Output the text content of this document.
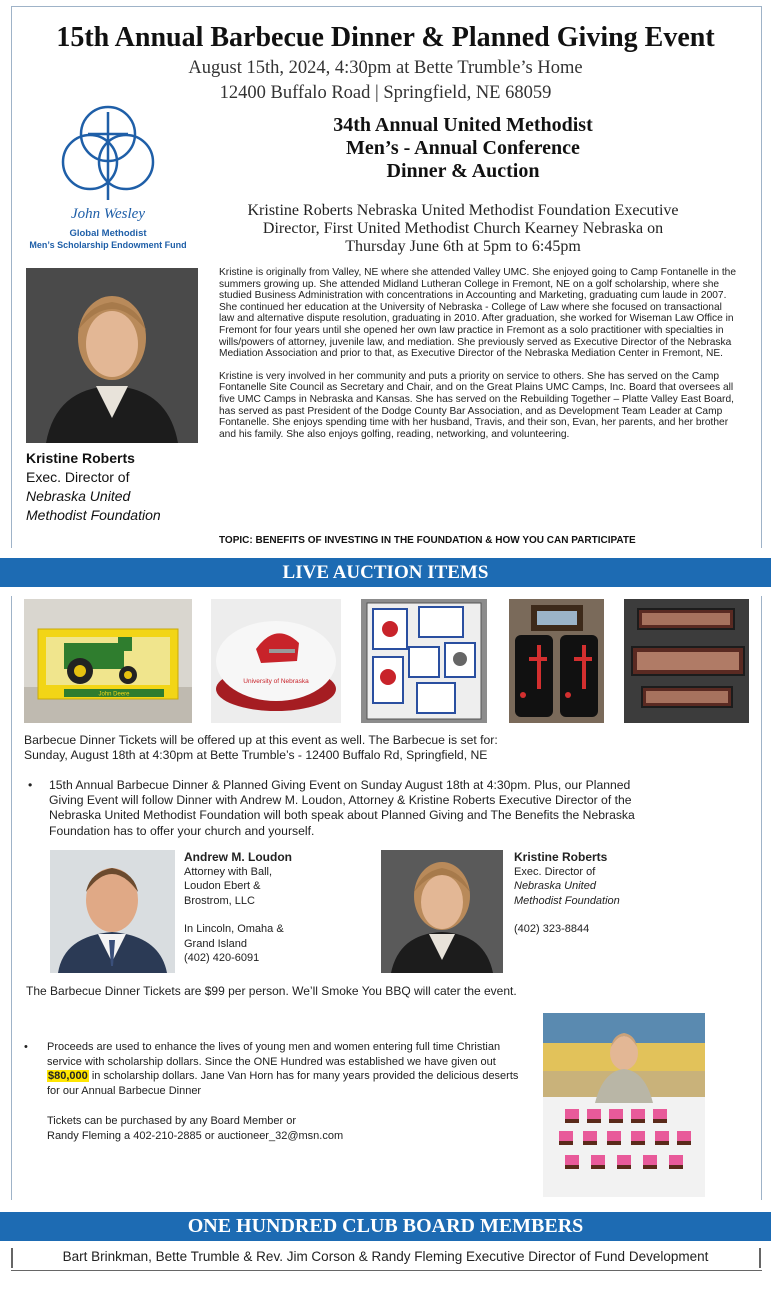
15th Annual Barbecue Dinner & Planned Giving Event
August 15th, 2024, 4:30pm at Bette Trumble’s Home
12400 Buffalo Road | Springfield, NE 68059
John Wesley
Global Methodist
Men’s Scholarship Endowment Fund
34th Annual United Methodist
Men’s - Annual Conference
Dinner & Auction
Kristine Roberts Nebraska United Methodist Foundation Executive
Director, First United Methodist Church Kearney Nebraska on
Thursday June 6th at 5pm to 6:45pm
Kristine Roberts
Exec. Director of
Nebraska United
Methodist Foundation

Kristine is originally from Valley, NE where she attended Valley UMC. She enjoyed going to Camp Fontanelle in the summers growing up. She attended Midland Lutheran College in Fremont, NE on a golf scholarship, where she studied Business Administration with concentrations in Accounting and Marketing, graduating cum laude in 2007. She continued her education at the University of Nebraska - College of Law where she focused on transactional law and alternative dispute resolution, graduating in 2010. After graduation, she worked for Wiseman Law Office in Fremont for four years until she opened her own law practice in Fremont as a solo practitioner with specialties in wills/powers of attorney, juvenile law, and mediation. She previously served as Executive Director of the Nebraska Mediation Association and prior to that, as Executive Director of the Nebraska Mediation Center in Fremont, NE.

Kristine is very involved in her community and puts a priority on service to others. She has served on the Camp Fontanelle Site Council as Secretary and Chair, and on the Great Plains UMC Camps, Inc. Board that oversees all five UMC Camps in Nebraska and Kansas. She has served on the Rebuilding Together – Platte Valley East Board, has served as past President of the Dodge County Bar Association, and as Development Team Leader at Camp Fontanelle. She enjoys spending time with her husband, Travis, and their son, Evan, her parents, and her brother and his family. She also enjoys golfing, reading, networking, and volunteering.

TOPIC: BENEFITS OF INVESTING IN THE FOUNDATION & HOW YOU CAN PARTICIPATE
LIVE AUCTION ITEMS
John Deere
University of Nebraska
Barbecue Dinner Tickets will be offered up at this event as well. The Barbecue is set for:
Sunday, August 18th at 4:30pm at Bette Trumble’s - 12400 Buffalo Rd, Springfield, NE
• 15th Annual Barbecue Dinner & Planned Giving Event on Sunday August 18th at 4:30pm. Plus, our Planned Giving Event will follow Dinner with Andrew M. Loudon, Attorney & Kristine Roberts Executive Director of the Nebraska United Methodist Foundation will both speak about Planned Giving and The Benefits the Nebraska Foundation has to offer your church and yourself.
Andrew M. Loudon
Attorney with Ball,
Loudon Ebert &
Brostrom, LLC
In Lincoln, Omaha &
Grand Island
(402) 420-6091
Kristine Roberts
Exec. Director of
Nebraska United
Methodist Foundation
(402) 323-8844
The Barbecue Dinner Tickets are $99 per person. We’ll Smoke You BBQ will cater the event.
• Proceeds are used to enhance the lives of young men and women entering full time Christian service with scholarship dollars. Since the ONE Hundred was established we have given out $80,000 in scholarship dollars. Jane Van Horn has for many years provided the delicious deserts for our Annual Barbecue Dinner
Tickets can be purchased by any Board Member or
Randy Fleming a 402-210-2885 or auctioneer_32@msn.com
ONE HUNDRED CLUB BOARD MEMBERS
Bart Brinkman, Bette Trumble & Rev. Jim Corson & Randy Fleming Executive Director of Fund Development
